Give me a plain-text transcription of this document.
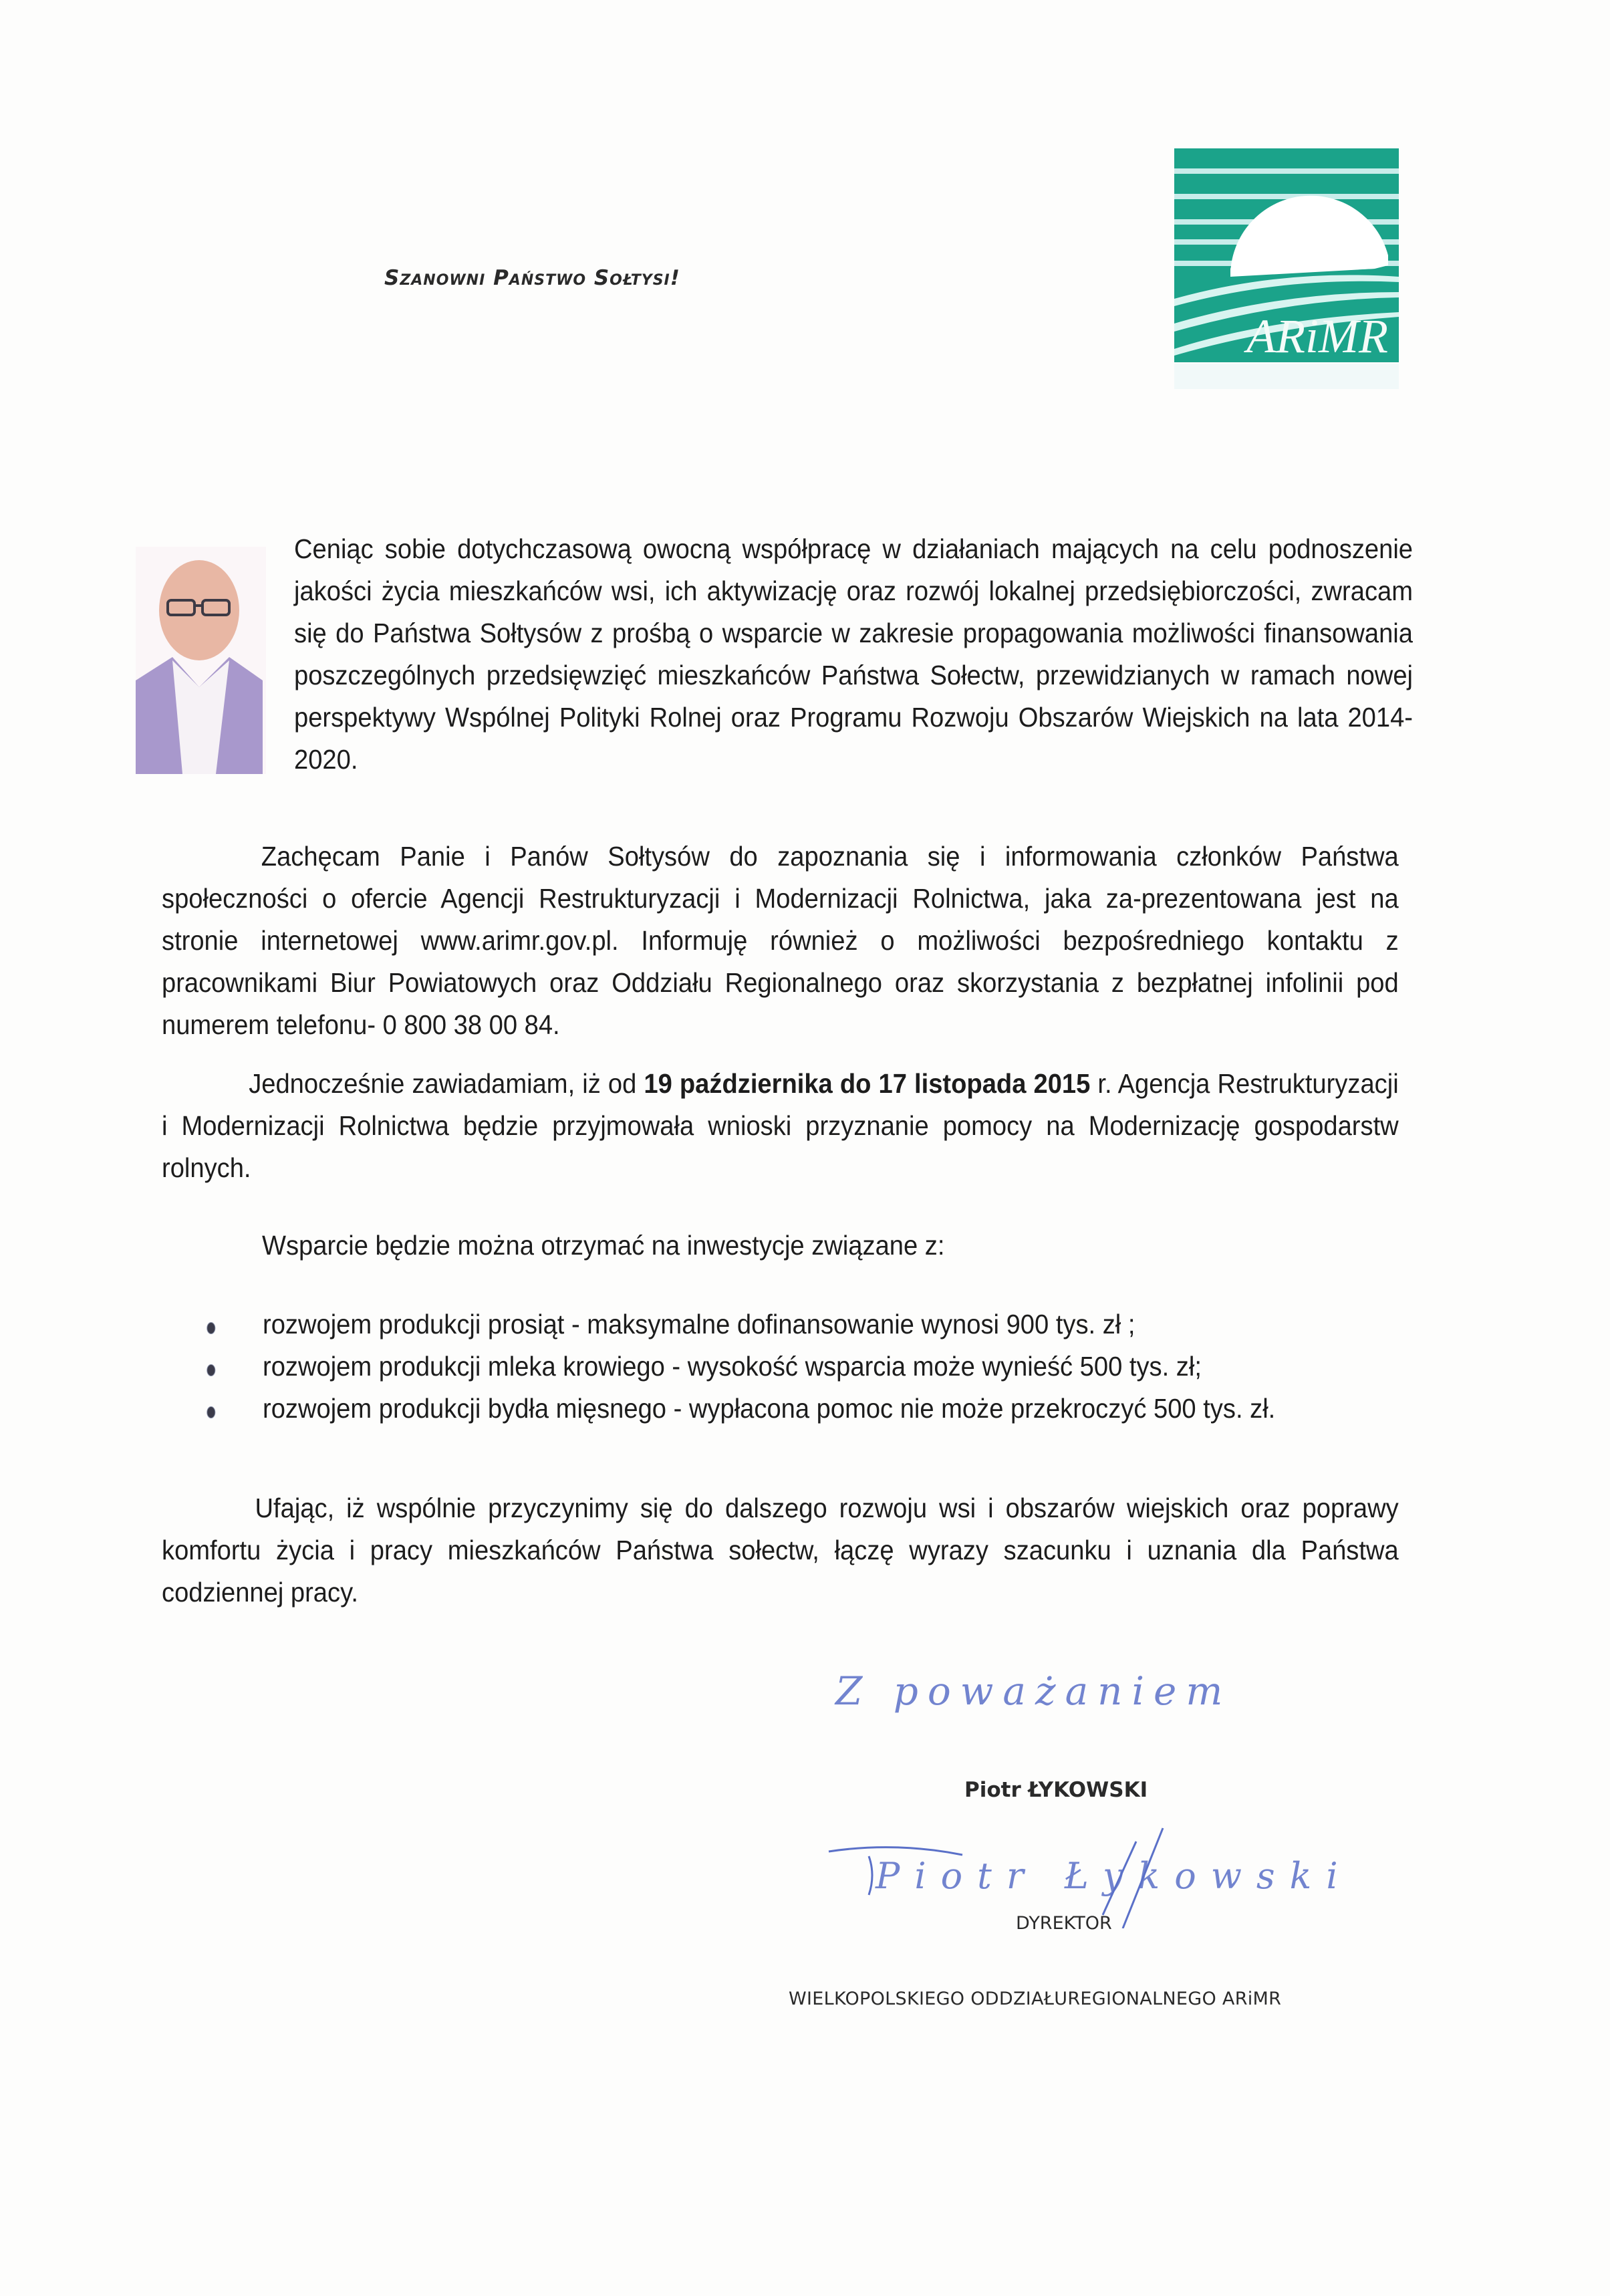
Szanowni Państwo Sołtysi!
ARiMR
Ceniąc sobie dotychczasową owocną współpracę w działaniach mających na celu podnoszenie jakości życia mieszkańców wsi, ich aktywizację oraz rozwój lokalnej przedsiębiorczości, zwracam się do Państwa Sołtysów z prośbą o wsparcie w zakresie propagowania możliwości finansowania poszczególnych przedsięwzięć mieszkańców Państwa Sołectw, przewidzianych w ramach nowej perspektywy Wspólnej Polityki Rolnej oraz Programu Rozwoju Obszarów Wiejskich na lata 2014- 2020.
Zachęcam Panie i Panów Sołtysów do zapoznania się i informowania członków Państwa społeczności o ofercie Agencji Restrukturyzacji i Modernizacji Rolnictwa, jaka za-prezentowana jest na stronie internetowej www.arimr.gov.pl. Informuję również o możliwości bezpośredniego kontaktu z pracownikami Biur Powiatowych oraz Oddziału Regionalnego oraz skorzystania z bezpłatnej infolinii pod numerem telefonu- 0 800 38 00 84.
Jednocześnie zawiadamiam, iż od 19 października do 17 listopada 2015 r. Agencja Restrukturyzacji i Modernizacji Rolnictwa będzie przyjmowała wnioski przyznanie pomocy na Modernizację gospodarstw rolnych.
Wsparcie będzie można otrzymać na inwestycje związane z:
rozwojem produkcji prosiąt - maksymalne dofinansowanie wynosi 900 tys. zł ;
rozwojem produkcji mleka krowiego - wysokość wsparcia może wynieść 500 tys. zł;
rozwojem produkcji bydła mięsnego - wypłacona pomoc nie może przekroczyć 500 tys. zł.
Ufając, iż wspólnie przyczynimy się do dalszego rozwoju wsi i obszarów wiejskich oraz poprawy komfortu życia i pracy mieszkańców Państwa sołectw, łączę wyrazy szacunku i uznania dla Państwa codziennej pracy.
Z poważaniem
Piotr ŁYKOWSKI
Piotr Łykowski
DYREKTOR
WIELKOPOLSKIEGO ODDZIAŁUREGIONALNEGO ARiMR
